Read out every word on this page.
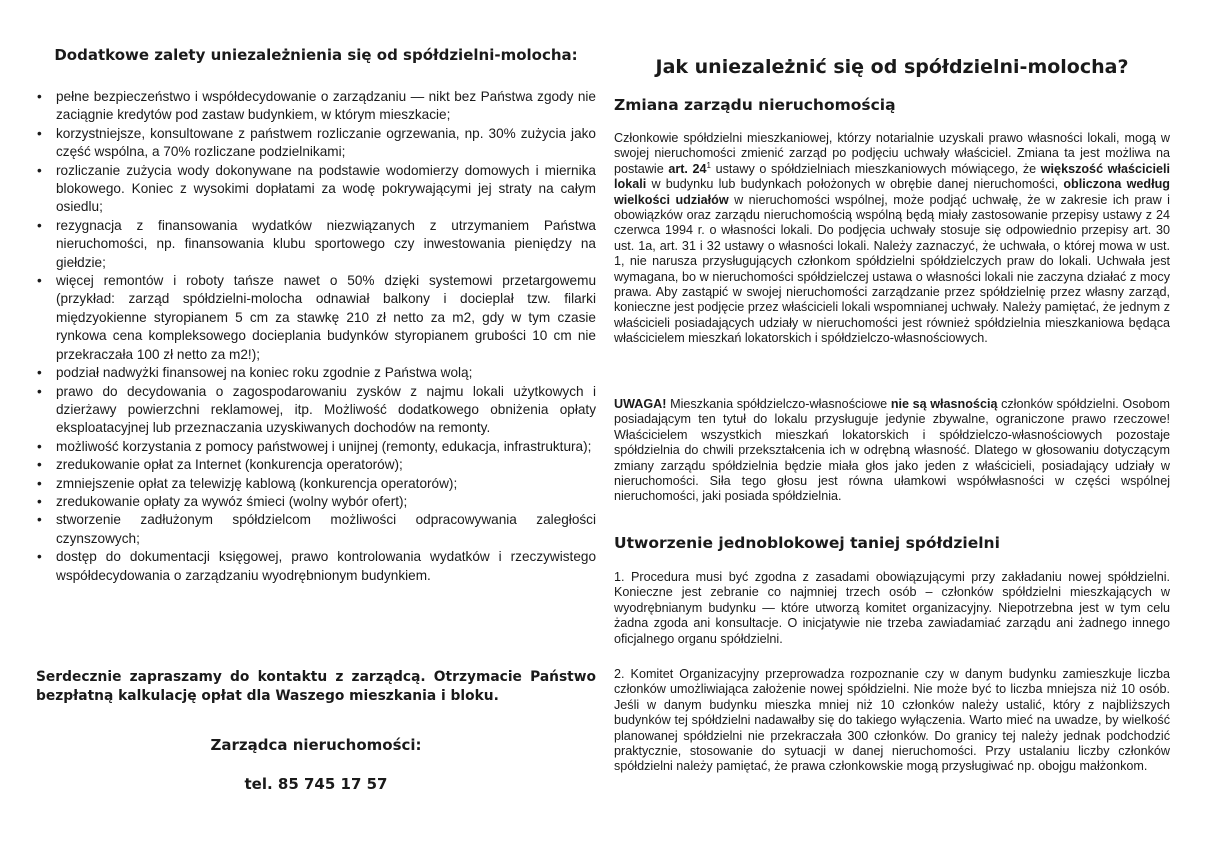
Dodatkowe zalety uniezależnienia się od spółdzielni-molocha:
• pełne bezpieczeństwo i współdecydowanie o zarządzaniu — nikt bez Państwa zgody nie zaciągnie kredytów pod zastaw budynkiem, w którym mieszkacie;
• korzystniejsze, konsultowane z państwem rozliczanie ogrzewania, np. 30% zużycia jako część wspólna, a 70% rozliczane podzielnikami;
• rozliczanie zużycia wody dokonywane na podstawie wodomierzy domowych i miernika blokowego. Koniec z wysokimi dopłatami za wodę pokrywającymi jej straty na całym osiedlu;
• rezygnacja z finansowania wydatków niezwiązanych z utrzymaniem Państwa nieruchomości, np. finansowania klubu sportowego czy inwestowania pieniędzy na giełdzie;
• więcej remontów i roboty tańsze nawet o 50% dzięki systemowi przetargowemu (przykład: zarząd spółdzielni-molocha odnawiał balkony i docieplał tzw. filarki międzyokienne styropianem 5 cm za stawkę 210 zł netto za m2, gdy w tym czasie rynkowa cena kompleksowego docieplania budynków styropianem grubości 10 cm nie przekraczała 100 zł netto za m2!);
• podział nadwyżki finansowej na koniec roku zgodnie z Państwa wolą;
• prawo do decydowania o zagospodarowaniu zysków z najmu lokali użytkowych i dzierżawy powierzchni reklamowej, itp. Możliwość dodatkowego obniżenia opłaty eksploatacyjnej lub przeznaczania uzyskiwanych dochodów na remonty.
• możliwość korzystania z pomocy państwowej i unijnej (remonty, edukacja, infrastruktura);
• zredukowanie opłat za Internet (konkurencja operatorów);
• zmniejszenie opłat za telewizję kablową (konkurencja operatorów);
• zredukowanie opłaty za wywóz śmieci (wolny wybór ofert);
• stworzenie zadłużonym spółdzielcom możliwości odpracowywania zaległości czynszowych;
• dostęp do dokumentacji księgowej, prawo kontrolowania wydatków i rzeczywistego współdecydowania o zarządzaniu wyodrębnionym budynkiem.

Serdecznie zapraszamy do kontaktu z zarządcą. Otrzymacie Państwo bezpłatną kalkulację opłat dla Waszego mieszkania i bloku.

Zarządca nieruchomości:

tel. 85 745 17 57

Jak uniezależnić się od spółdzielni-molocha?
Zmiana zarządu nieruchomością

Członkowie spółdzielni mieszkaniowej, którzy notarialnie uzyskali prawo własności lokali, mogą w swojej nieruchomości zmienić zarząd po podjęciu uchwały właściciel. Zmiana ta jest możliwa na postawie art. $24^1$ ustawy o spółdzielniach mieszkaniowych mówiącego, że większość właścicieli lokali w budynku lub budynkach położonych w obrębie danej nieruchomości, obliczona według wielkości udziałów w nieruchomości wspólnej, może podjąć uchwałę, że w zakresie ich praw i obowiązków oraz zarządu nieruchomością wspólną będą miały zastosowanie przepisy ustawy z 24 czerwca 1994 r. o własności lokali. Do podjęcia uchwały stosuje się odpowiednio przepisy art. 30 ust. 1a, art. 31 i 32 ustawy o własności lokali. Należy zaznaczyć, że uchwała, o której mowa w ust. 1, nie narusza przysługujących członkom spółdzielni spółdzielczych praw do lokali. Uchwała jest wymagana, bo w nieruchomości spółdzielczej ustawa o własności lokali nie zaczyna działać z mocy prawa. Aby zastąpić w swojej nieruchomości zarządzanie przez spółdzielnię przez własny zarząd, konieczne jest podjęcie przez właścicieli lokali wspomnianej uchwały. Należy pamiętać, że jednym z właścicieli posiadających udziały w nieruchomości jest również spółdzielnia mieszkaniowa będąca właścicielem mieszkań lokatorskich i spółdzielczo-własnościowych.

UWAGA! Mieszkania spółdzielczo-własnościowe nie są własnością członków spółdzielni. Osobom posiadającym ten tytuł do lokalu przysługuje jedynie zbywalne, ograniczone prawo rzeczowe! Właścicielem wszystkich mieszkań lokatorskich i spółdzielczo-własnościowych pozostaje spółdzielnia do chwili przekształcenia ich w odrębną własność. Dlatego w głosowaniu dotyczącym zmiany zarządu spółdzielnia będzie miała głos jako jeden z właścicieli, posiadający udziały w nieruchomości. Siła tego głosu jest równa ułamkowi współwłasności w części wspólnej nieruchomości, jaki posiada spółdzielnia.

Utworzenie jednoblokowej taniej spółdzielni

1. Procedura musi być zgodna z zasadami obowiązującymi przy zakładaniu nowej spółdzielni. Konieczne jest zebranie co najmniej trzech osób – członków spółdzielni mieszkających w wyodrębnianym budynku — które utworzą komitet organizacyjny. Niepotrzebna jest w tym celu żadna zgoda ani konsultacje. O inicjatywie nie trzeba zawiadamiać zarządu ani żadnego innego oficjalnego organu spółdzielni.

2. Komitet Organizacyjny przeprowadza rozpoznanie czy w danym budynku zamieszkuje liczba członków umożliwiająca założenie nowej spółdzielni. Nie może być to liczba mniejsza niż 10 osób. Jeśli w danym budynku mieszka mniej niż 10 członków należy ustalić, który z najbliższych budynków tej spółdzielni nadawałby się do takiego wyłączenia. Warto mieć na uwadze, by wielkość planowanej spółdzielni nie przekraczała 300 członków. Do granicy tej należy jednak podchodzić praktycznie, stosowanie do sytuacji w danej nieruchomości. Przy ustalaniu liczby członków spółdzielni należy pamiętać, że prawa członkowskie mogą przysługiwać np. obojgu małżonkom.
